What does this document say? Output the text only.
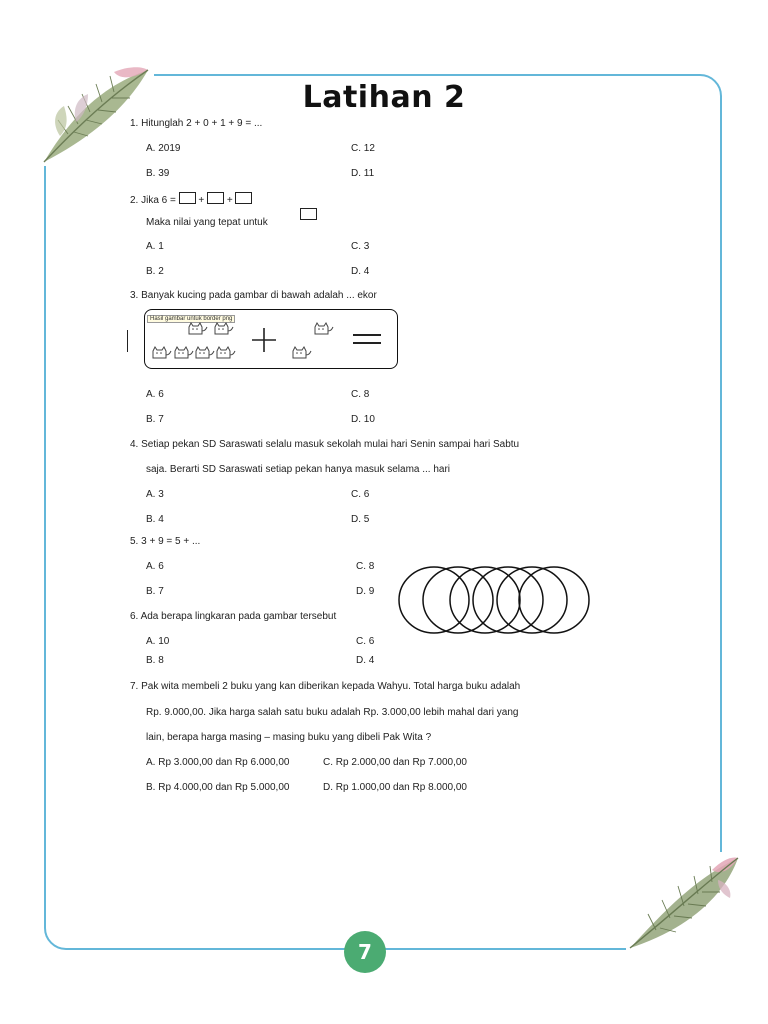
Latihan 2
1. Hitunglah 2 + 0 + 1 + 9 = ...
A. 2019	C. 12
B. 39	D. 11
2. Jika 6 =  +  +
Maka nilai yang tepat untuk
A. 1	C. 3
B. 2	D. 4
3. Banyak kucing pada gambar di bawah adalah ... ekor
Hasil gambar untuk border png
A. 6	C. 8
B. 7	D. 10
4. Setiap pekan SD Saraswati selalu masuk sekolah mulai hari Senin sampai hari Sabtu
saja. Berarti SD Saraswati setiap pekan hanya masuk selama ... hari
A. 3	C. 6
B. 4	D. 5
5. 3 + 9 = 5 + ...
A. 6	C. 8
B. 7	D. 9
6. Ada berapa lingkaran pada gambar tersebut
A. 10	C. 6
B. 8	D. 4
7. Pak wita membeli 2 buku yang kan diberikan kepada Wahyu. Total harga buku adalah
Rp. 9.000,00. Jika harga salah satu buku adalah Rp. 3.000,00 lebih mahal dari yang
lain, berapa harga masing – masing buku yang dibeli Pak Wita ?
A. Rp 3.000,00 dan Rp 6.000,00	C. Rp 2.000,00 dan Rp 7.000,00
B. Rp 4.000,00 dan Rp 5.000,00	D. Rp 1.000,00 dan Rp 8.000,00
7
